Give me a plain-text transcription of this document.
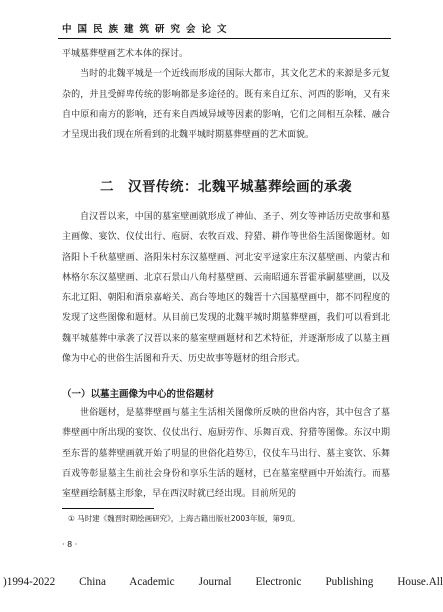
中国民族建筑研究会论文

平城墓葬壁画艺术本体的探讨。

当时的北魏平城是一个近线而形成的国际大都市，其文化艺术的来源是多元复杂的，并且受鲜卑传统的影响都是多途径的。既有来自辽东、河西的影响，又有来自中原和南方的影响，还有来自西域异域等因素的影响，它们之间相互杂糅、融合才呈现出我们现在所看到的北魏平城时期墓葬壁画的艺术面貌。

二　汉晋传统：北魏平城墓葬绘画的承袭

自汉晋以来，中国的墓室壁画就形成了神仙、圣子、列女等神话历史故事和墓主画像、宴饮、仪仗出行、庖厨、农牧百戏、狩猎、耕作等世俗生活图像题材。如洛阳卜千秋墓壁画、洛阳朱村东汉墓壁画、河北安平逯家庄东汉墓壁画、内蒙古和林格尔东汉墓壁画、北京石景山八角村墓壁画、云南昭通东晋霍承嗣墓壁画，以及东北辽阳、朝阳和酒泉嘉峪关、高台等地区的魏晋十六国墓壁画中，都不同程度的发现了这些图像和题材。从目前已发现的北魏平城时期墓葬壁画，我们可以看到北魏平城墓葬中承袭了汉晋以来的墓室壁画题材和艺术特征，并逐渐形成了以墓主画像为中心的世俗生活图和升天、历史故事等题材的组合形式。

（一）以墓主画像为中心的世俗题材

世俗题材，是墓葬壁画与墓主生活相关图像所反映的世俗内容，其中包含了墓葬壁画中所出现的宴饮、仪仗出行、庖厨劳作、乐舞百戏、狩猎等图像。东汉中期至东晋的墓葬壁画就开始了明显的世俗化趋势①，仪仗车马出行、墓主宴饮、乐舞百戏等彰显墓主生前社会身份和享乐生活的题材，已在墓室壁画中开始流行。而墓室壁画绘制墓主形象，早在西汉时就已经出现。目前所见的

① 马时建《魏晋时期绘画研究》，上海古籍出版社2003年版，第9页。
· 8 ·
)1994-2022 China Academic Journal Electronic Publishing House.All
